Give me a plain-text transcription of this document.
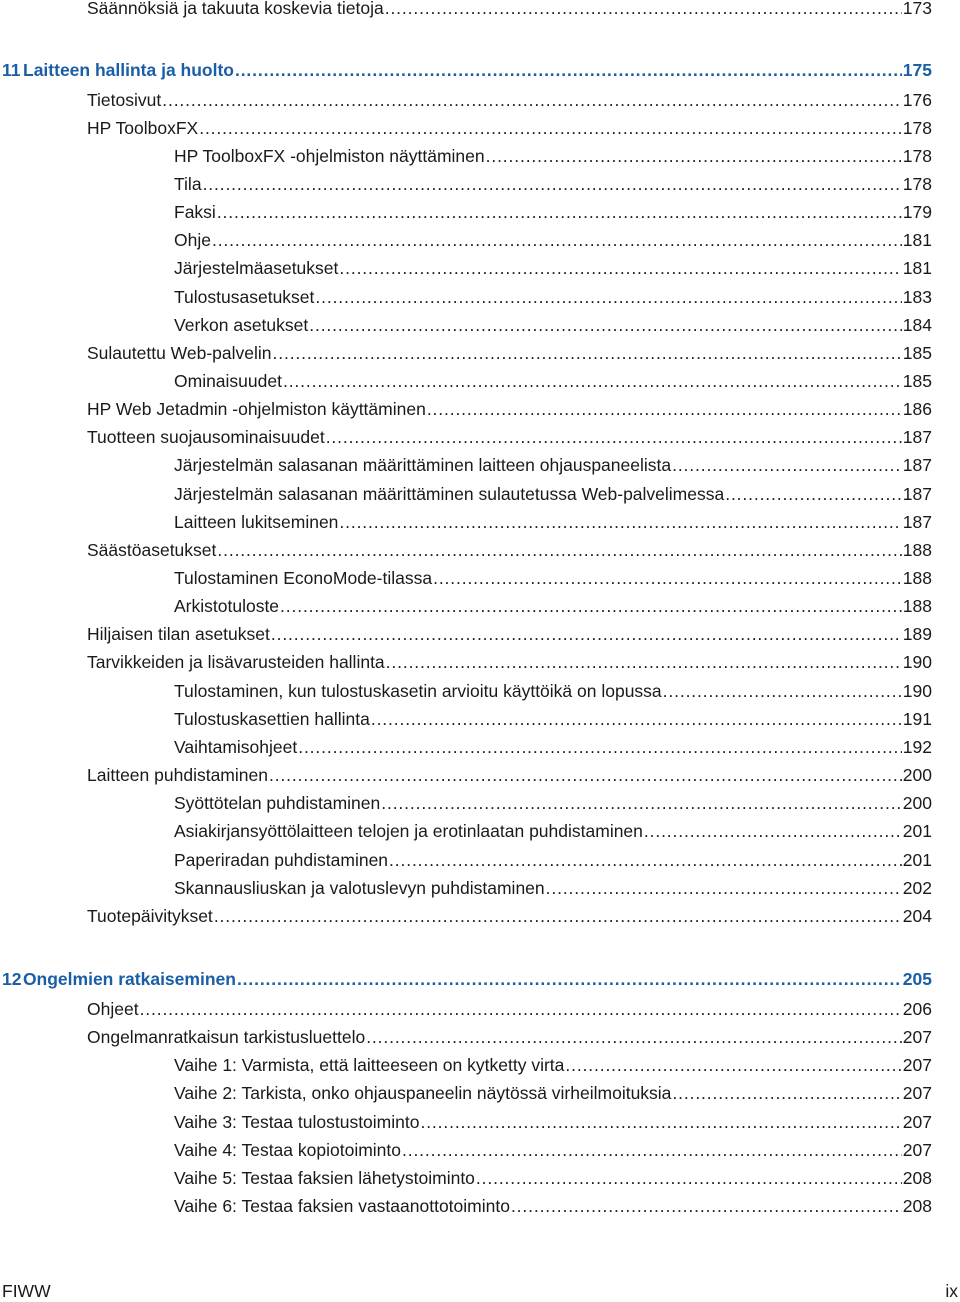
Säännöksiä ja takuuta koskevia tietoja . . .	173
11 Laitteen hallinta ja huolto . . .	175
Tietosivut . . .	176
HP ToolboxFX . . .	178
HP ToolboxFX -ohjelmiston näyttäminen . . .	178
Tila . . .	178
Faksi . . .	179
Ohje . . .	181
Järjestelmäasetukset . . .	181
Tulostusasetukset . . .	183
Verkon asetukset . . .	184
Sulautettu Web-palvelin . . .	185
Ominaisuudet . . .	185
HP Web Jetadmin -ohjelmiston käyttäminen . . .	186
Tuotteen suojausominaisuudet . . .	187
Järjestelmän salasanan määrittäminen laitteen ohjauspaneelista . . .	187
Järjestelmän salasanan määrittäminen sulautetussa Web-palvelimessa . . .	187
Laitteen lukitseminen . . .	187
Säästöasetukset . . .	188
Tulostaminen EconoMode-tilassa . . .	188
Arkistotuloste . . .	188
Hiljaisen tilan asetukset . . .	189
Tarvikkeiden ja lisävarusteiden hallinta . . .	190
Tulostaminen, kun tulostuskasetin arvioitu käyttöikä on lopussa . . .	190
Tulostuskasettien hallinta . . .	191
Vaihtamisohjeet . . .	192
Laitteen puhdistaminen . . .	200
Syöttötelan puhdistaminen . . .	200
Asiakirjansyöttölaitteen telojen ja erotinlaatan puhdistaminen . . .	201
Paperiradan puhdistaminen . . .	201
Skannausliuskan ja valotuslevyn puhdistaminen . . .	202
Tuotepäivitykset . . .	204
12 Ongelmien ratkaiseminen . . .	205
Ohjeet . . .	206
Ongelmanratkaisun tarkistusluettelo . . .	207
Vaihe 1: Varmista, että laitteeseen on kytketty virta . . .	207
Vaihe 2: Tarkista, onko ohjauspaneelin näytössä virheilmoituksia . . .	207
Vaihe 3: Testaa tulostustoiminto . . .	207
Vaihe 4: Testaa kopiotoiminto . . .	207
Vaihe 5: Testaa faksien lähetystoiminto . . .	208
Vaihe 6: Testaa faksien vastaanottotoiminto . . .	208
FIWW	ix
